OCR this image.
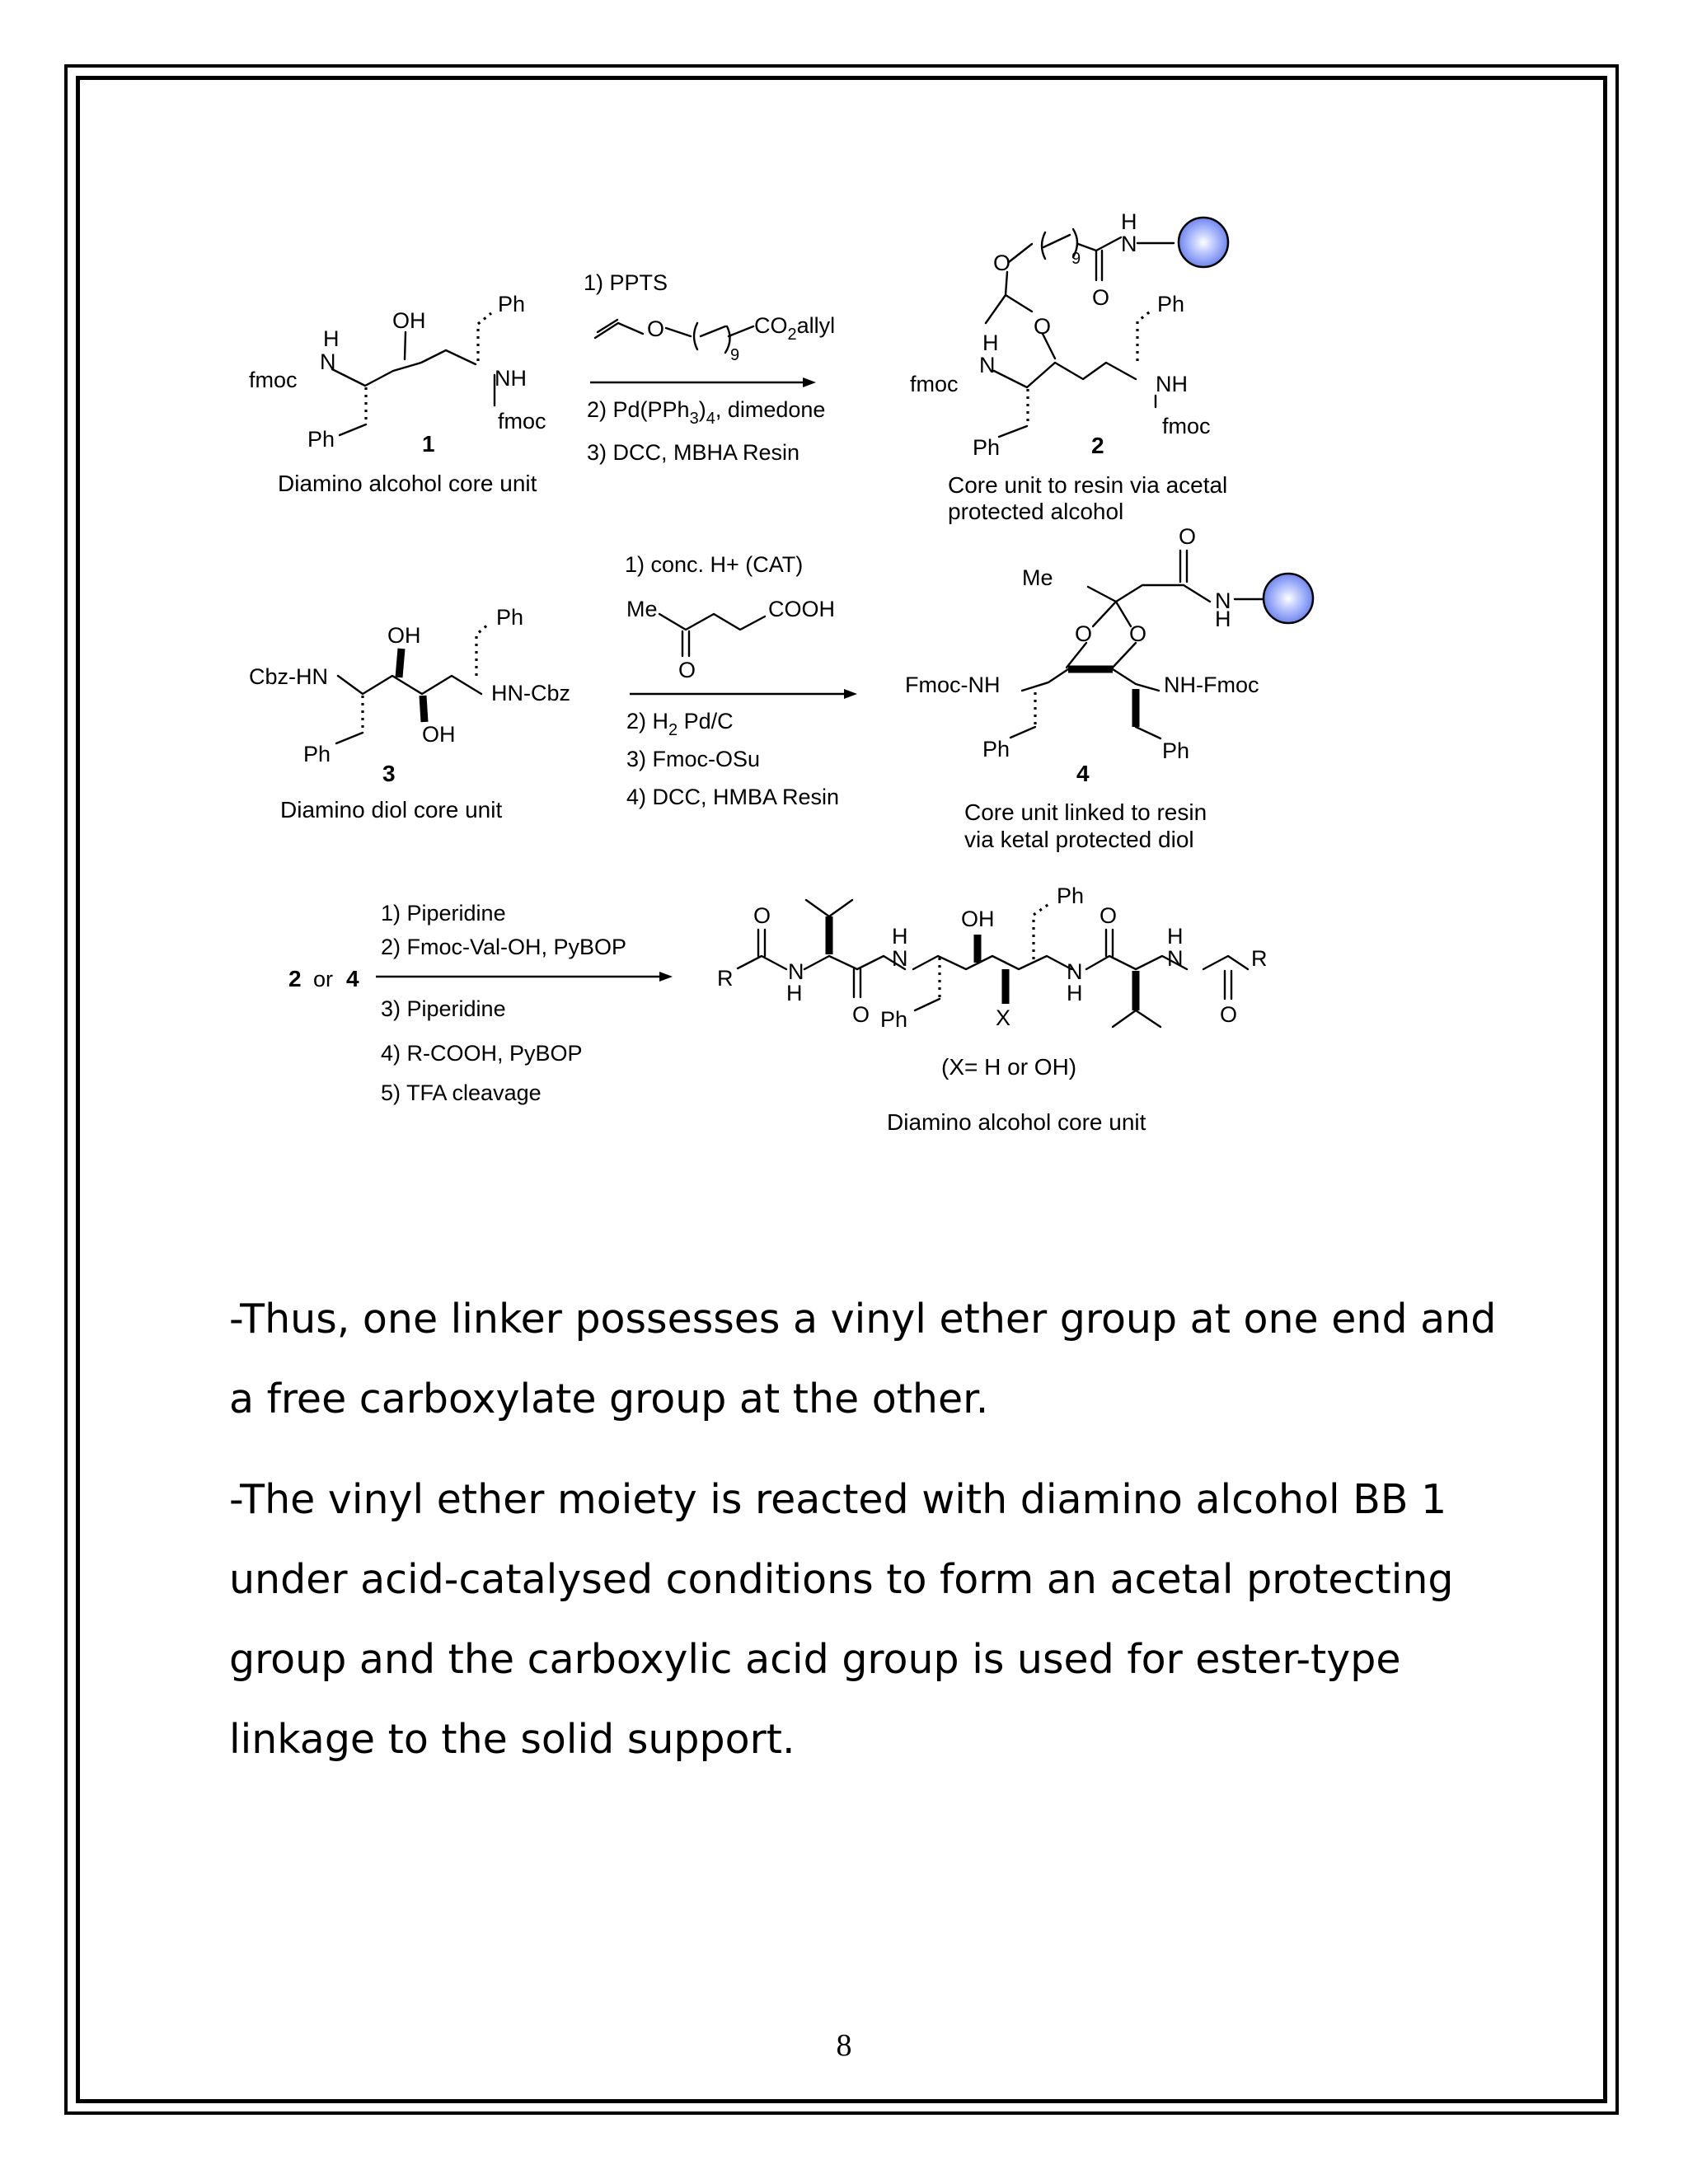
OH
Ph
H
N
fmoc	NH
fmoc
Ph	1
Diamino alcohol core unit
1) PPTS
O
9
$CO_2allyl$
2) $Pd(PPh_3)_4$, dimedone
3) DCC, MBHA Resin
O	9
O
H
N
Ph
O
H
N
fmoc	NH
fmoc
Ph	2
Core unit to resin via acetal
protected alcohol
Ph
OH
Cbz-HN
HN-Cbz
OH
Ph
3
Diamino diol core unit
1) conc. H+ (CAT)
Me	COOH
O
2) $H_2$ Pd/C
3) Fmoc-OSu
4) DCC, HMBA Resin
O
Me
N
H
O O
Fmoc-NH	NH-Fmoc
Ph	Ph
4
Core unit linked to resin
via ketal protected diol
2 or 4
1) Piperidine
2) Fmoc-Val-OH, PyBOP
3) Piperidine
4) R-COOH, PyBOP
5) TFA cleavage
R
O
N
H
O
H
N
OH
Ph
X
Ph
N
H
O
H
N
O
R
(X= H or OH)
Diamino alcohol core unit

-Thus, one linker possesses a vinyl ether group at one end and a free carboxylate group at the other.

-The vinyl ether moiety is reacted with diamino alcohol BB 1 under acid-catalysed conditions to form an acetal protecting group and the carboxylic acid group is used for ester-type linkage to the solid support.

8
